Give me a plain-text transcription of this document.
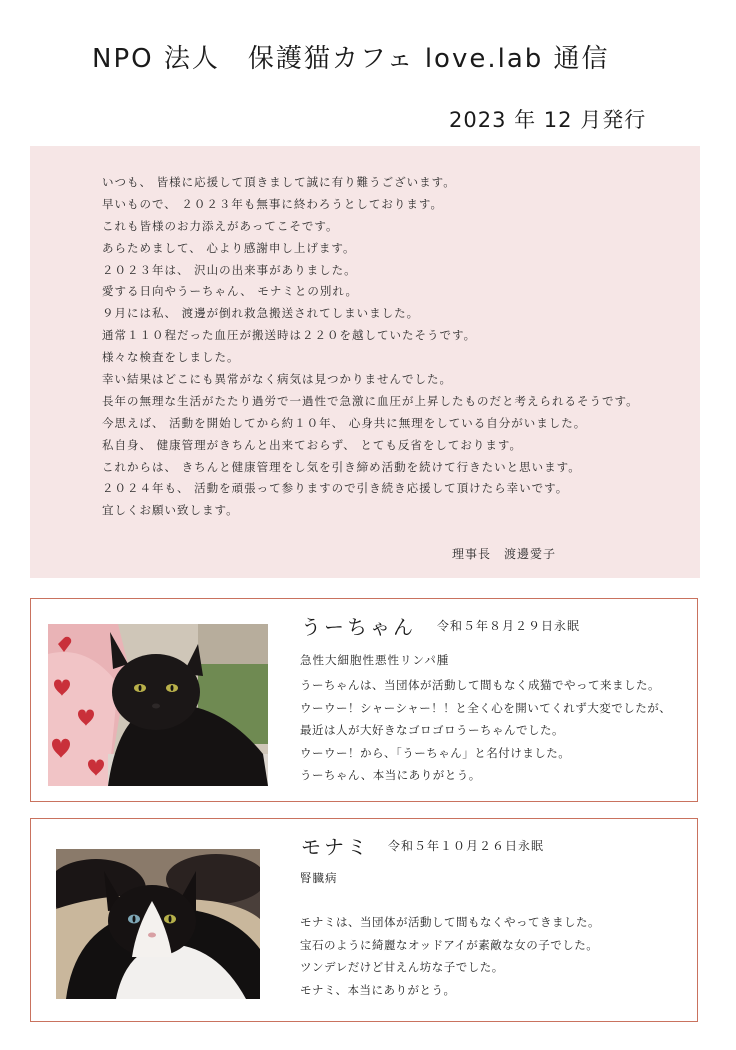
NPO 法人　保護猫カフェ love.lab 通信
2023 年 12 月発行
いつも、 皆様に応援して頂きまして誠に有り難うございます。
早いもので、 ２０２３年も無事に終わろうとしております。
これも皆様のお力添えがあってこそです。
あらためまして、 心より感謝申し上げます。
２０２３年は、 沢山の出来事がありました。
愛する日向やうーちゃん、 モナミとの別れ。
９月には私、 渡邊が倒れ救急搬送されてしまいました。
通常１１０程だった血圧が搬送時は２２０を越していたそうです。
様々な検査をしました。
幸い結果はどこにも異常がなく病気は見つかりませんでした。
長年の無理な生活がたたり過労で一過性で急激に血圧が上昇したものだと考えられるそうです。
今思えば、 活動を開始してから約１０年、 心身共に無理をしている自分がいました。
私自身、 健康管理がきちんと出来ておらず、 とても反省をしております。
これからは、 きちんと健康管理をし気を引き締め活動を続けて行きたいと思います。
２０２４年も、 活動を頑張って参りますので引き続き応援して頂けたら幸いです。
宜しくお願い致します。
理事長　渡邊愛子
うーちゃん 令和５年８月２９日永眠
急性大細胞性悪性リンパ腫
うーちゃんは、当団体が活動して間もなく成猫でやって来ました。
ウーウー！シャーシャー！！と全く心を開いてくれず大変でしたが、
最近は人が大好きなゴロゴロうーちゃんでした。
ウーウー！から、「うーちゃん」と名付けました。
うーちゃん、本当にありがとう。
モナミ 令和５年１０月２６日永眠
腎臓病
モナミは、当団体が活動して間もなくやってきました。
宝石のように綺麗なオッドアイが素敵な女の子でした。
ツンデレだけど甘えん坊な子でした。
モナミ、本当にありがとう。
